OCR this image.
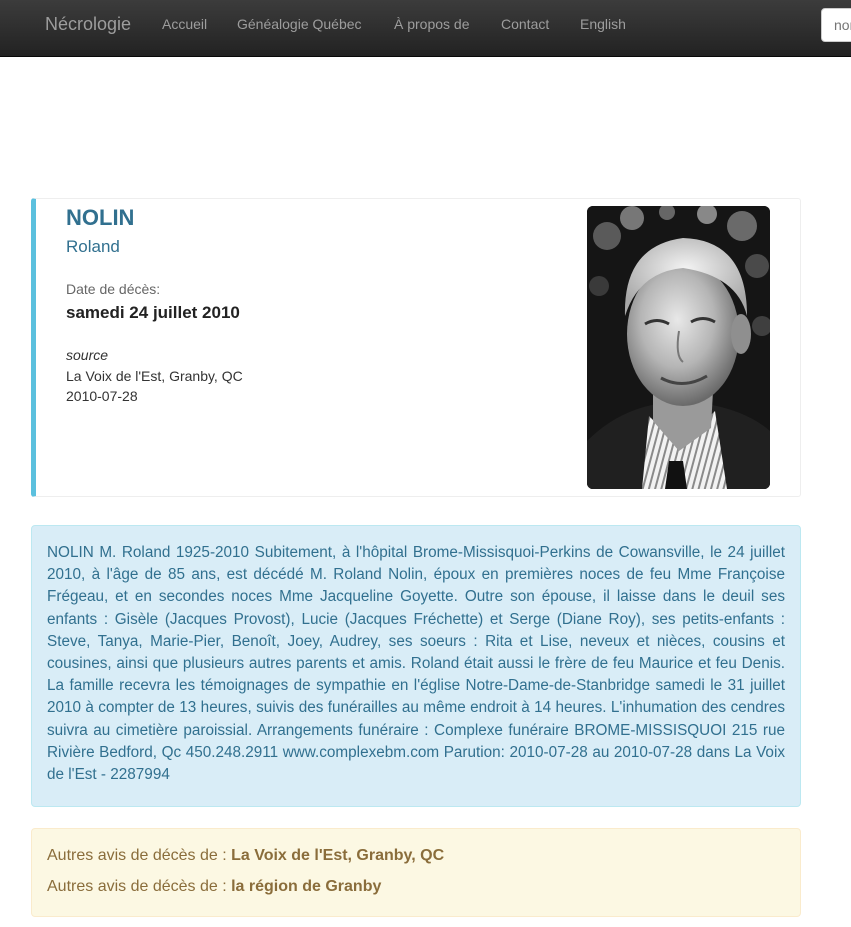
Nécrologie Accueil Généalogie Québec À propos de Contact English
nom
NOLIN
Roland
Date de décès:
samedi 24 juillet 2010
source
La Voix de l'Est, Granby, QC
2010-07-28

NOLIN M. Roland 1925-2010 Subitement, à l'hôpital Brome-Missisquoi-Perkins de Cowansville, le 24 juillet 2010, à l'âge de 85 ans, est décédé M. Roland Nolin, époux en premières noces de feu Mme Françoise Frégeau, et en secondes noces Mme Jacqueline Goyette. Outre son épouse, il laisse dans le deuil ses enfants : Gisèle (Jacques Provost), Lucie (Jacques Fréchette) et Serge (Diane Roy), ses petits-enfants : Steve, Tanya, Marie-Pier, Benoît, Joey, Audrey, ses soeurs : Rita et Lise, neveux et nièces, cousins et cousines, ainsi que plusieurs autres parents et amis. Roland était aussi le frère de feu Maurice et feu Denis. La famille recevra les témoignages de sympathie en l'église Notre-Dame-de-Stanbridge samedi le 31 juillet 2010 à compter de 13 heures, suivis des funérailles au même endroit à 14 heures. L'inhumation des cendres suivra au cimetière paroissial. Arrangements funéraire : Complexe funéraire BROME-MISSISQUOI 215 rue Rivière Bedford, Qc 450.248.2911 www.complexebm.com Parution: 2010-07-28 au 2010-07-28 dans La Voix de l'Est - 2287994

Autres avis de décès de : La Voix de l'Est, Granby, QC
Autres avis de décès de : la région de Granby
